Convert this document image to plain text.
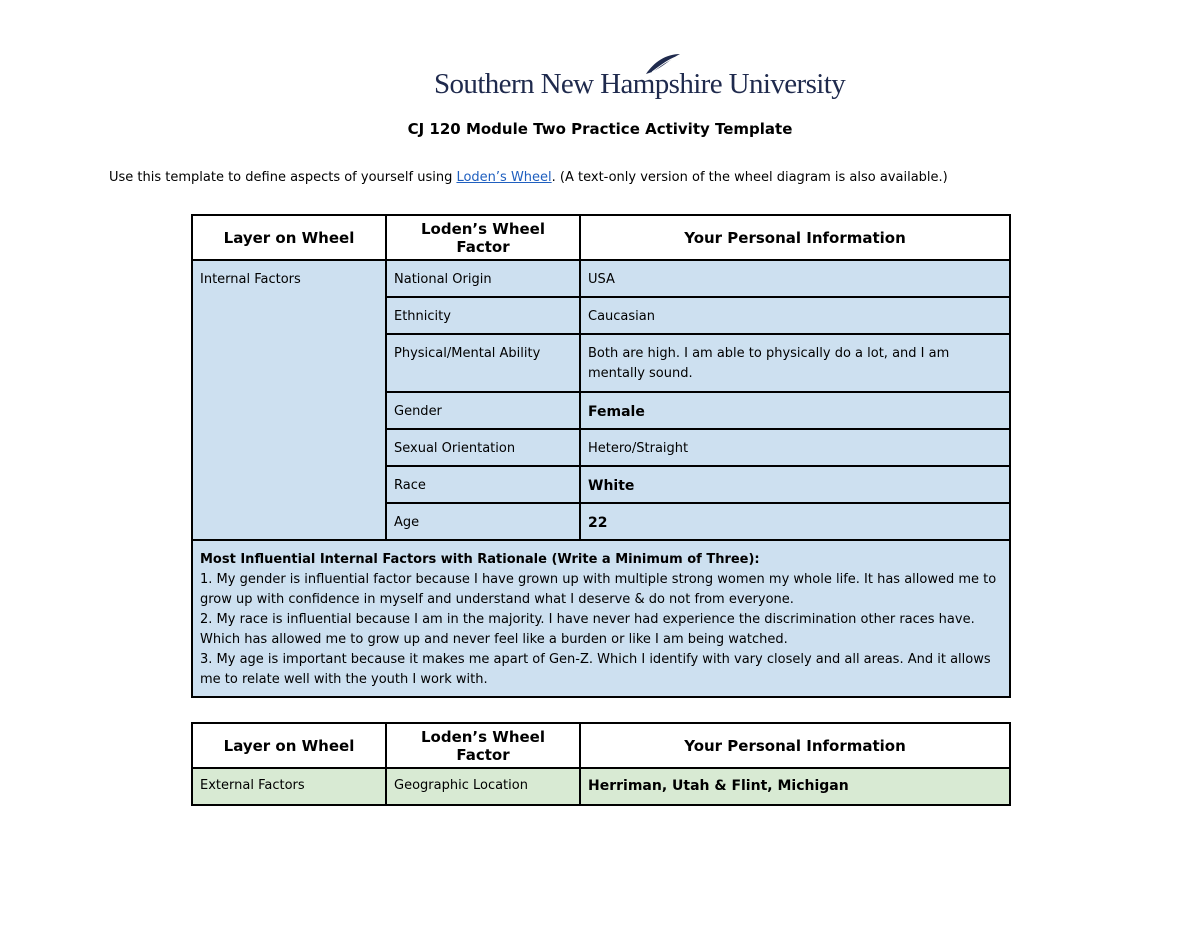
Southern New Hampshire University
CJ 120 Module Two Practice Activity Template
Use this template to define aspects of yourself using Loden’s Wheel. (A text-only version of the wheel diagram is also available.)
Layer on Wheel	Loden’s Wheel Factor	Your Personal Information
Internal Factors	National Origin	USA
	Ethnicity	Caucasian
	Physical/Mental Ability	Both are high. I am able to physically do a lot, and I am mentally sound.
	Gender	Female
	Sexual Orientation	Hetero/Straight
	Race	White
	Age	22

Most Influential Internal Factors with Rationale (Write a Minimum of Three):
1. My gender is influential factor because I have grown up with multiple strong women my whole life. It has allowed me to grow up with confidence in myself and understand what I deserve & do not from everyone.
2. My race is influential because I am in the majority. I have never had experience the discrimination other races have. Which has allowed me to grow up and never feel like a burden or like I am being watched.
3. My age is important because it makes me apart of Gen-Z. Which I identify with vary closely and all areas. And it allows me to relate well with the youth I work with.		
Layer on Wheel	Loden’s Wheel Factor	Your Personal Information
External Factors	Geographic Location	Herriman, Utah & Flint, Michigan
